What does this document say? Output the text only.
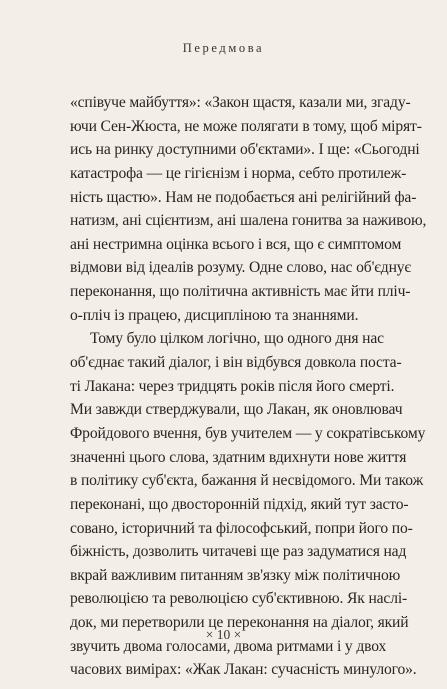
Передмова
«співуче майбуття»: «Закон щастя, казали ми, згаду-
ючи Сен-Жюста, не може полягати в тому, щоб мірят-
ись на ринку доступними об'єктами». І ще: «Сьогодні
катастрофа — це гігієнізм і норма, себто протилеж-
ність щастю». Нам не подобається ані релігійний фа-
натизм, ані сцієнтизм, ані шалена гонитва за наживою,
ані нестримна оцінка всього і вся, що є симптомом
відмови від ідеалів розуму. Одне слово, нас об'єднує
переконання, що політична активність має йти пліч-
о-пліч із працею, дисципліною та знаннями.
Тому було цілком логічно, що одного дня нас
об'єднає такий діалог, і він відбувся довкола поста-
ті Лакана: через тридцять років після його смерті.
Ми завжди стверджували, що Лакан, як оновлювач
Фройдового вчення, був учителем — у сократівському
значенні цього слова, здатним вдихнути нове життя
в політику суб'єкта, бажання й несвідомого. Ми також
переконані, що двосторонній підхід, який тут засто-
совано, історичний та філософський, попри його по-
біжність, дозволить читачеві ще раз задуматися над
вкрай важливим питанням зв'язку між політичною
революцією та революцією суб'єктивною. Як наслі-
док, ми перетворили це переконання на діалог, який
звучить двома голосами, двома ритмами і у двох
часових вимірах: «Жак Лакан: сучасність минулого».
× 10 ×
